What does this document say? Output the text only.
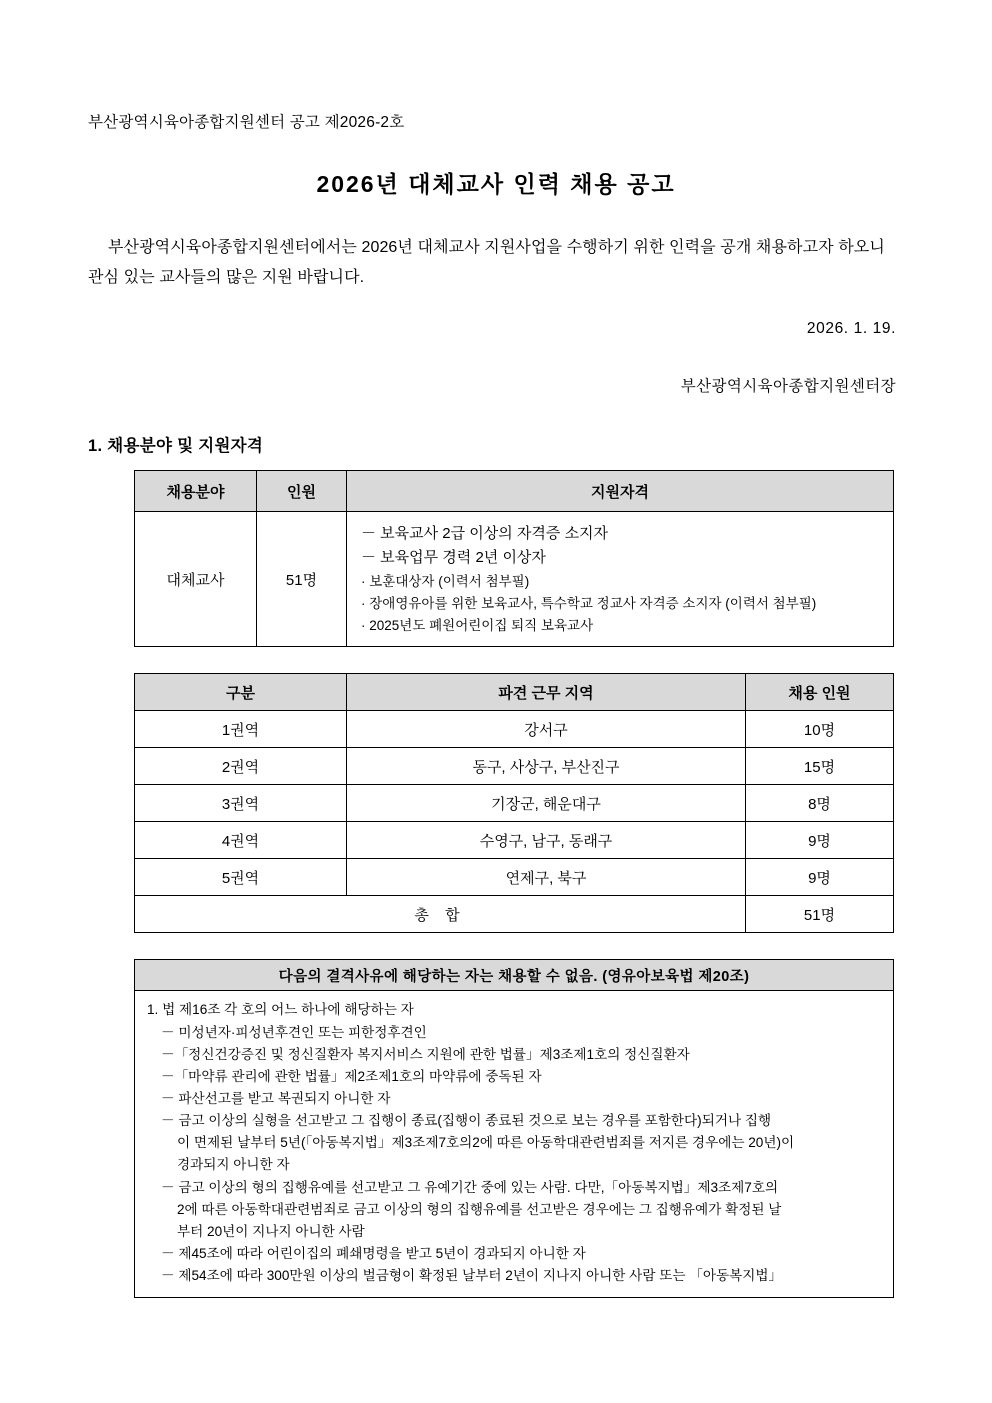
부산광역시육아종합지원센터 공고 제2026-2호
2026년 대체교사 인력 채용 공고

부산광역시육아종합지원센터에서는 2026년 대체교사 지원사업을 수행하기 위한 인력을 공개 채용하고자 하오니 관심 있는 교사들의 많은 지원 바랍니다.

2026. 1. 19.
부산광역시육아종합지원센터장
1. 채용분야 및 지원자격
채용분야	인원	지원자격
대체교사	51명	－ 보육교사 2급 이상의 자격증 소지자
－ 보육업무 경력 2년 이상자
· 보훈대상자 (이력서 첨부필)
· 장애영유아를 위한 보육교사, 특수학교 정교사 자격증 소지자 (이력서 첨부필)
· 2025년도 폐원어린이집 퇴직 보육교사
구분	파견 근무 지역	채용 인원
1권역	강서구	10명
2권역	동구, 사상구, 부산진구	15명
3권역	기장군, 해운대구	8명
4권역	수영구, 남구, 동래구	9명
5권역	연제구, 북구	9명
총 합		51명
다음의 결격사유에 해당하는 자는 채용할 수 없음. (영유아보육법 제20조)

1. 법 제16조 각 호의 어느 하나에 해당하는 자
－ 미성년자·피성년후견인 또는 피한정후견인
－「정신건강증진 및 정신질환자 복지서비스 지원에 관한 법률」제3조제1호의 정신질환자
－「마약류 관리에 관한 법률」제2조제1호의 마약류에 중독된 자
－ 파산선고를 받고 복권되지 아니한 자
－ 금고 이상의 실형을 선고받고 그 집행이 종료(집행이 종료된 것으로 보는 경우를 포함한다)되거나 집행
이 면제된 날부터 5년(「아동복지법」제3조제7호의2에 따른 아동학대관련범죄를 저지른 경우에는 20년)이
경과되지 아니한 자
－ 금고 이상의 형의 집행유예를 선고받고 그 유예기간 중에 있는 사람. 다만,「아동복지법」제3조제7호의
2에 따른 아동학대관련범죄로 금고 이상의 형의 집행유예를 선고받은 경우에는 그 집행유예가 확정된 날
부터 20년이 지나지 아니한 사람
－ 제45조에 따라 어린이집의 폐쇄명령을 받고 5년이 경과되지 아니한 자
－ 제54조에 따라 300만원 이상의 벌금형이 확정된 날부터 2년이 지나지 아니한 사람 또는 「아동복지법」
